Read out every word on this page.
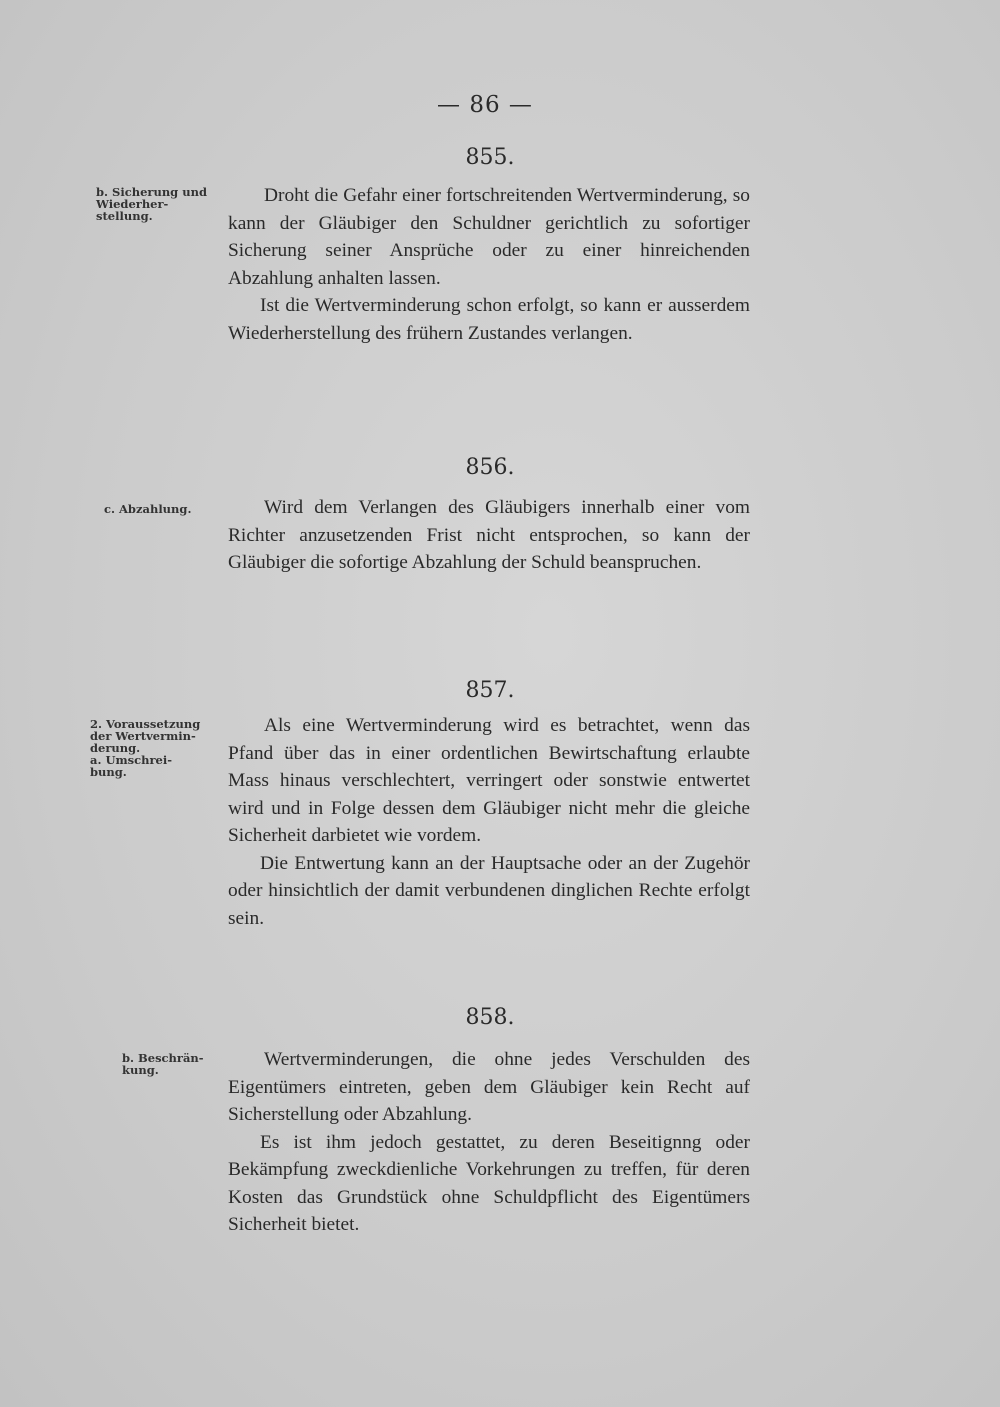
— 86 —
855.
b. Sicherung und
Wiederher-
stellung.

Droht die Gefahr einer fortschreitenden Wertverminderung, so kann der Gläubiger den Schuldner gerichtlich zu sofortiger Sicherung seiner Ansprüche oder zu einer hinreichenden Abzahlung anhalten lassen.

Ist die Wertverminderung schon erfolgt, so kann er ausserdem Wiederherstellung des frühern Zustandes verlangen.

856.
c. Abzahlung.	Wird dem Verlangen des Gläubigers innerhalb einer vom Richter anzusetzenden Frist nicht entsprochen, so kann der Gläubiger die sofortige Abzahlung der Schuld beanspruchen.

857.
2. Voraussetzung
der Wertvermin-
derung.
a. Umschrei-
bung.

Als eine Wertverminderung wird es betrachtet, wenn das Pfand über das in einer ordentlichen Bewirtschaftung erlaubte Mass hinaus verschlechtert, verringert oder sonstwie entwertet wird und in Folge dessen dem Gläubiger nicht mehr die gleiche Sicherheit darbietet wie vordem.

Die Entwertung kann an der Hauptsache oder an der Zugehör oder hinsichtlich der damit verbundenen dinglichen Rechte erfolgt sein.

858.
b. Beschrän-
kung.	Wertverminderungen, die ohne jedes Verschulden des Eigentümers eintreten, geben dem Gläubiger kein Recht auf Sicherstellung oder Abzahlung.

Es ist ihm jedoch gestattet, zu deren Beseitignng oder Bekämpfung zweckdienliche Vorkehrungen zu treffen, für deren Kosten das Grundstück ohne Schuldpflicht des Eigentümers Sicherheit bietet.
